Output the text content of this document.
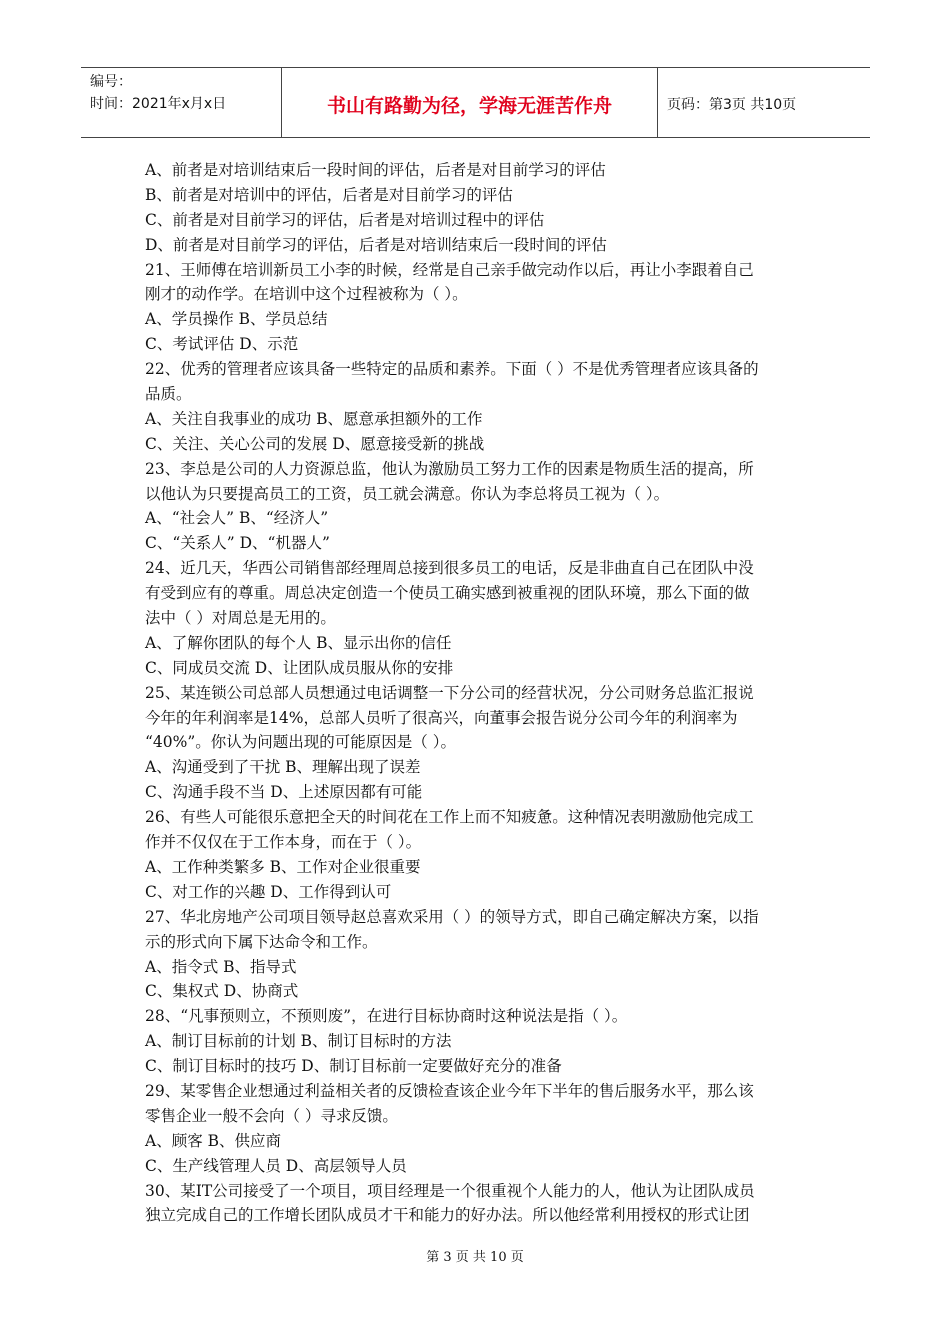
编号：
时间：2021年x月x日	书山有路勤为径，学海无涯苦作舟	页码：第3页 共10页
A、前者是对培训结束后一段时间的评估，后者是对目前学习的评估
B、前者是对培训中的评估，后者是对目前学习的评估
C、前者是对目前学习的评估，后者是对培训过程中的评估
D、前者是对目前学习的评估，后者是对培训结束后一段时间的评估
21、王师傅在培训新员工小李的时候，经常是自己亲手做完动作以后，再让小李跟着自己
刚才的动作学。在培训中这个过程被称为（ ）。
A、学员操作 B、学员总结
C、考试评估 D、示范
22、优秀的管理者应该具备一些特定的品质和素养。下面（ ）不是优秀管理者应该具备的
品质。
A、关注自我事业的成功 B、愿意承担额外的工作
C、关注、关心公司的发展 D、愿意接受新的挑战
23、李总是公司的人力资源总监，他认为激励员工努力工作的因素是物质生活的提高，所
以他认为只要提高员工的工资，员工就会满意。你认为李总将员工视为（ ）。
A、“社会人” B、“经济人”
C、“关系人” D、“机器人”
24、近几天，华西公司销售部经理周总接到很多员工的电话，反是非曲直自己在团队中没
有受到应有的尊重。周总决定创造一个使员工确实感到被重视的团队环境，那么下面的做
法中（ ）对周总是无用的。
A、了解你团队的每个人 B、显示出你的信任
C、同成员交流 D、让团队成员服从你的安排
25、某连锁公司总部人员想通过电话调整一下分公司的经营状况，分公司财务总监汇报说
今年的年利润率是14%，总部人员听了很高兴，向董事会报告说分公司今年的利润率为
“40%”。你认为问题出现的可能原因是（ ）。
A、沟通受到了干扰 B、理解出现了误差
C、沟通手段不当 D、上述原因都有可能
26、有些人可能很乐意把全天的时间花在工作上而不知疲惫。这种情况表明激励他完成工
作并不仅仅在于工作本身，而在于（ ）。
A、工作种类繁多 B、工作对企业很重要
C、对工作的兴趣 D、工作得到认可
27、华北房地产公司项目领导赵总喜欢采用（ ）的领导方式，即自己确定解决方案，以指
示的形式向下属下达命令和工作。
A、指令式 B、指导式
C、集权式 D、协商式
28、“凡事预则立，不预则废”，在进行目标协商时这种说法是指（ ）。
A、制订目标前的计划 B、制订目标时的方法
C、制订目标时的技巧 D、制订目标前一定要做好充分的准备
29、某零售企业想通过利益相关者的反馈检查该企业今年下半年的售后服务水平，那么该
零售企业一般不会向（ ）寻求反馈。
A、顾客 B、供应商
C、生产线管理人员 D、高层领导人员
30、某IT公司接受了一个项目，项目经理是一个很重视个人能力的人，他认为让团队成员
独立完成自己的工作增长团队成员才干和能力的好办法。所以他经常利用授权的形式让团
第 3 页 共 10 页
